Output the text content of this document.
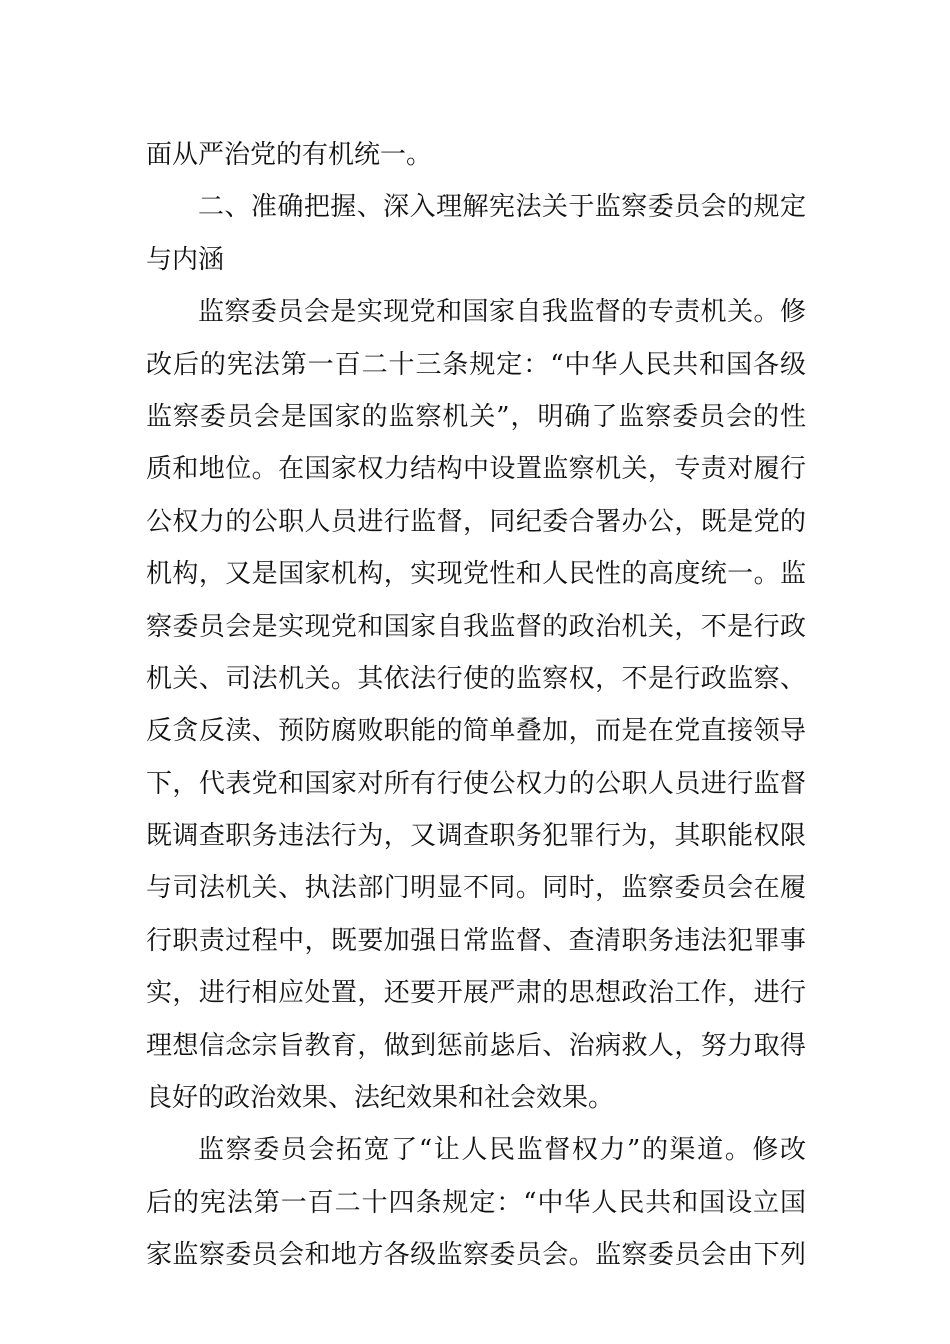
面从严治党的有机统一。
二、准确把握、深入理解宪法关于监察委员会的规定
与内涵
监察委员会是实现党和国家自我监督的专责机关。修
改后的宪法第一百二十三条规定：“中华人民共和国各级
监察委员会是国家的监察机关”，明确了监察委员会的性
质和地位。在国家权力结构中设置监察机关，专责对履行
公权力的公职人员进行监督，同纪委合署办公，既是党的
机构，又是国家机构，实现党性和人民性的高度统一。监
察委员会是实现党和国家自我监督的政治机关，不是行政
机关、司法机关。其依法行使的监察权，不是行政监察、
反贪反渎、预防腐败职能的简单叠加，而是在党直接领导
下，代表党和国家对所有行使公权力的公职人员进行监督
既调查职务违法行为，又调查职务犯罪行为，其职能权限
与司法机关、执法部门明显不同。同时，监察委员会在履
行职责过程中，既要加强日常监督、查清职务违法犯罪事
实，进行相应处置，还要开展严肃的思想政治工作，进行
理想信念宗旨教育，做到惩前毖后、治病救人，努力取得
良好的政治效果、法纪效果和社会效果。
监察委员会拓宽了“让人民监督权力”的渠道。修改
后的宪法第一百二十四条规定：“中华人民共和国设立国
家监察委员会和地方各级监察委员会。监察委员会由下列
